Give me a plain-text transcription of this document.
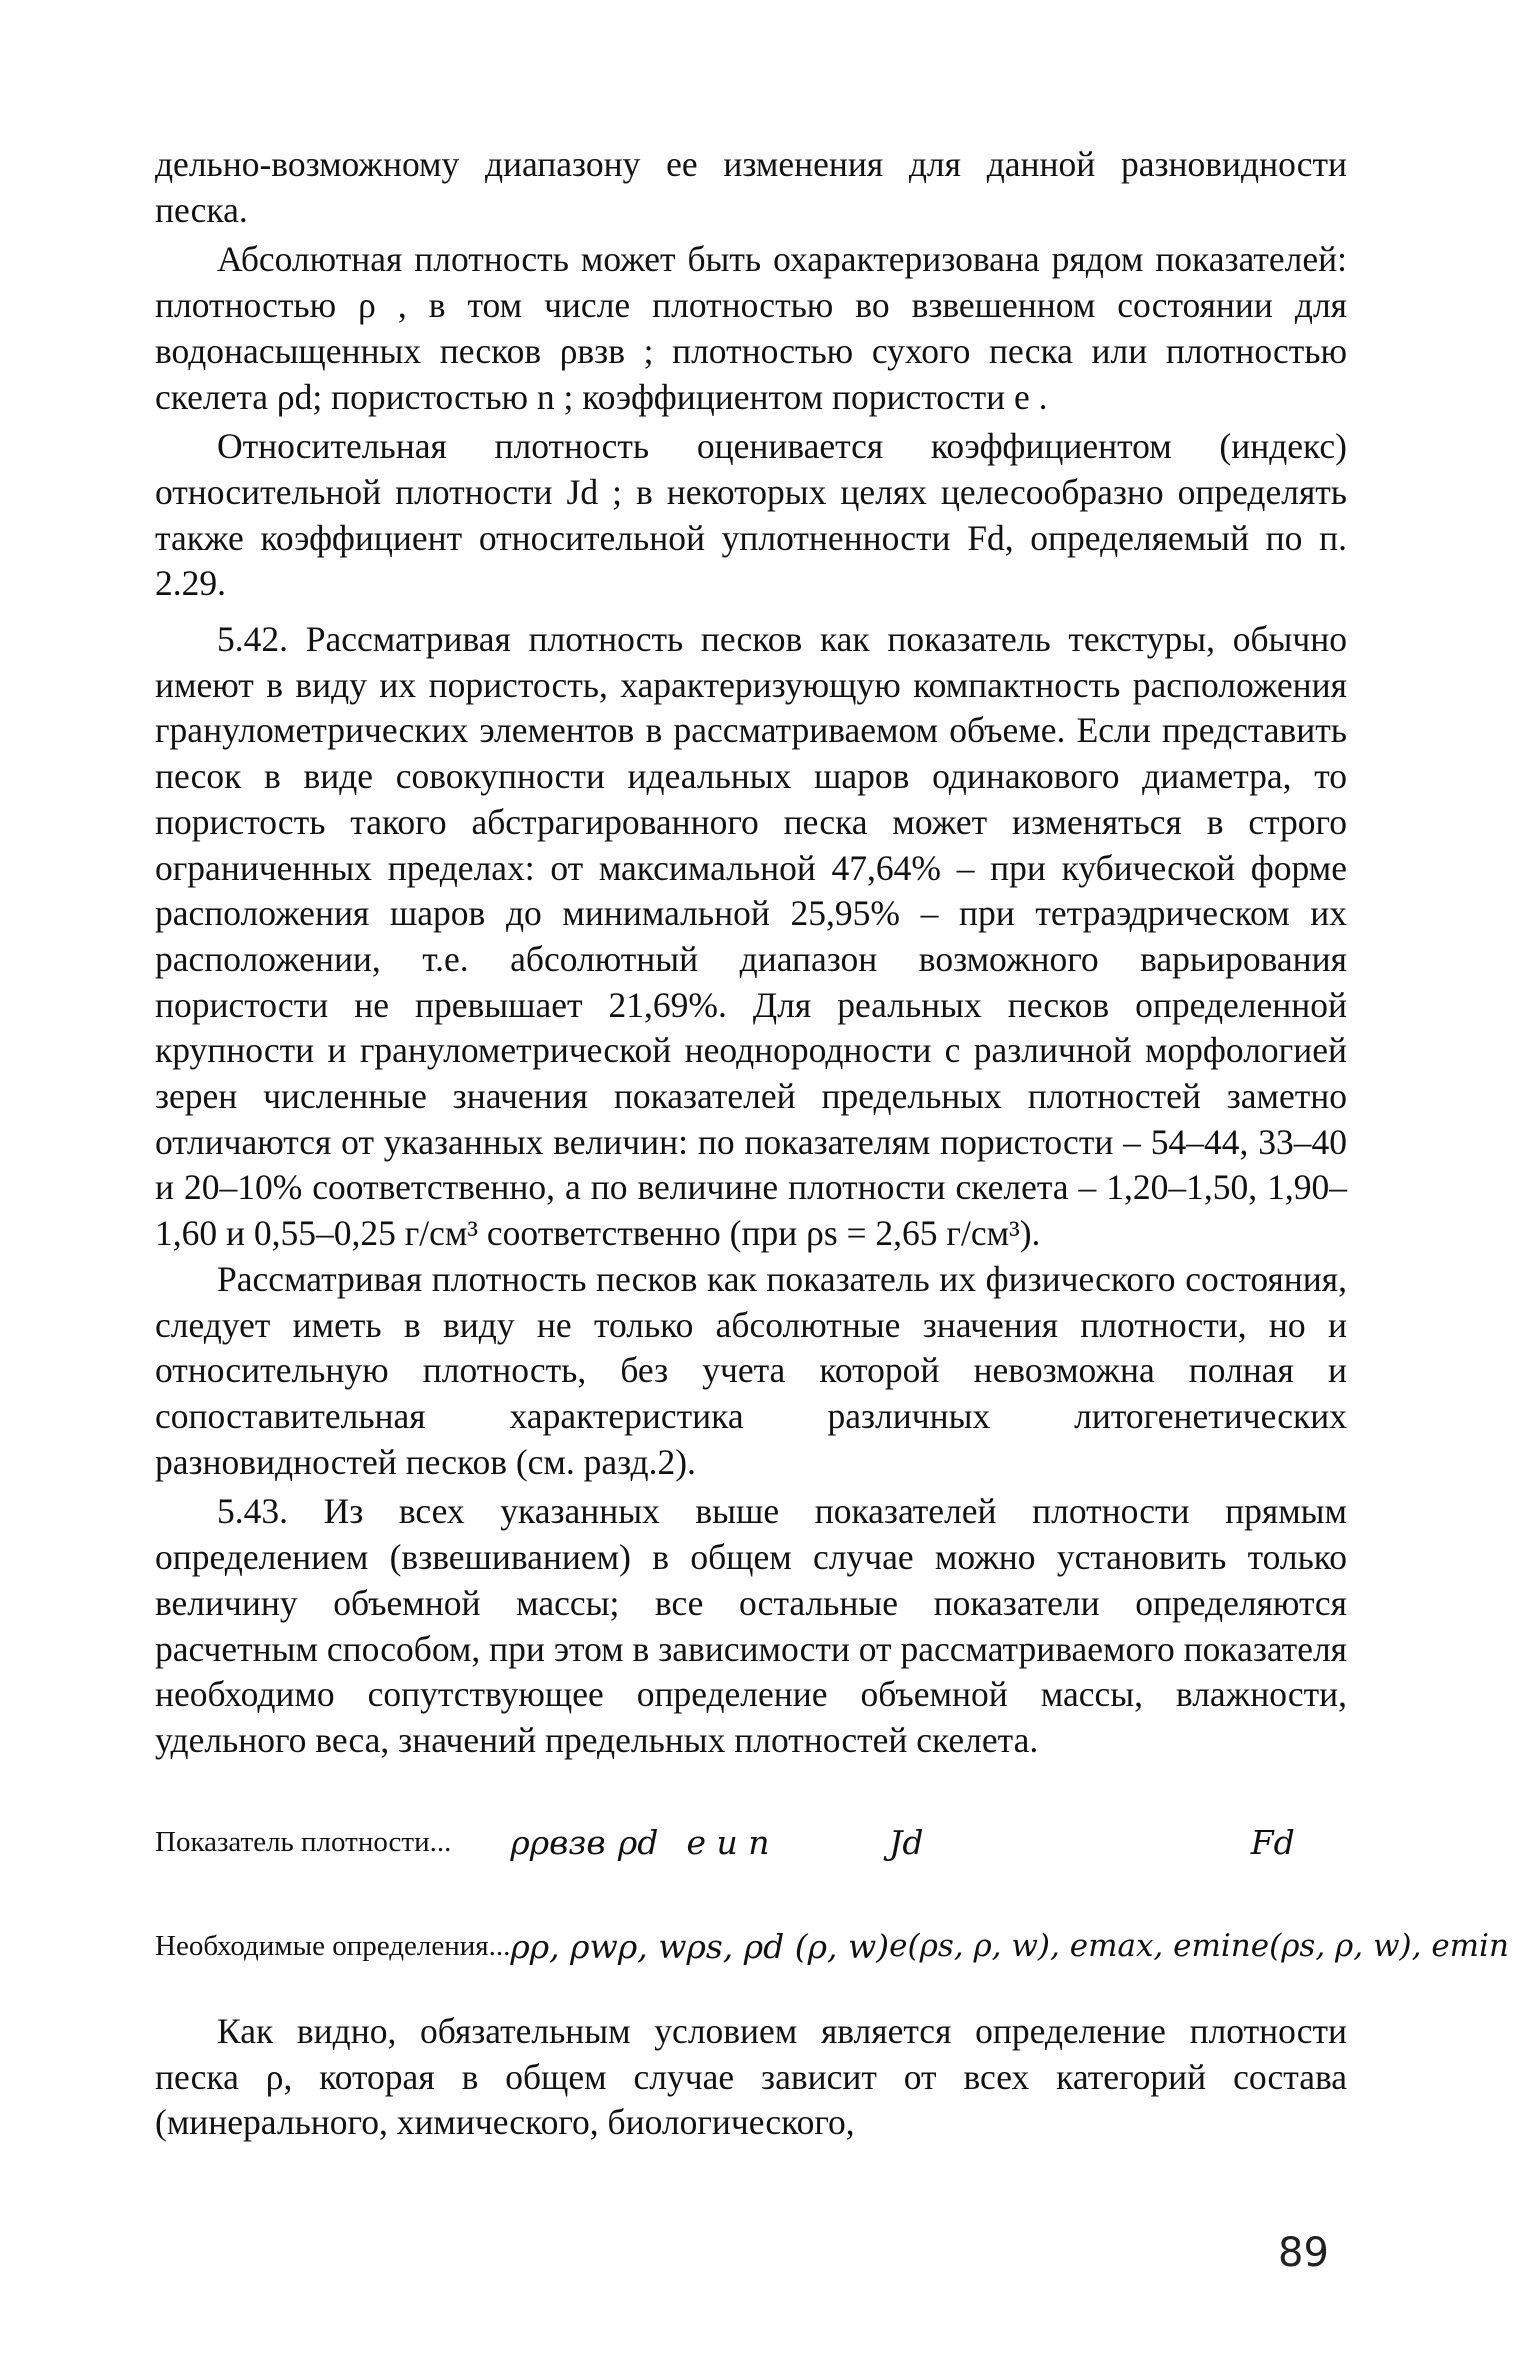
дельно-возможному диапазону ее изменения для данной разновидности песка.

Абсолютная плотность может быть охарактеризована рядом показателей: плотностью ρ , в том числе плотностью во взвешенном состоянии для водонасыщенных песков ρвзв ; плотностью сухого песка или плотностью скелета ρd; пористостью n ; коэффициентом пористости e .

Относительная плотность оценивается коэффициентом (индекс) относительной плотности Jd ; в некоторых целях целесообразно определять также коэффициент относительной уплотненности Fd, определяемый по п. 2.29.

5.42. Рассматривая плотность песков как показатель текстуры, обычно имеют в виду их пористость, характеризующую компактность расположения гранулометрических элементов в рассматриваемом объеме. Если представить песок в виде совокупности идеальных шаров одинакового диаметра, то пористость такого абстрагированного песка может изменяться в строго ограниченных пределах: от максимальной 47,64% – при кубической форме расположения шаров до минимальной 25,95% – при тетраэдрическом их расположении, т.е. абсолютный диапазон возможного варьирования пористости не превышает 21,69%. Для реальных песков определенной крупности и гранулометрической неоднородности с различной морфологией зерен численные значения показателей предельных плотностей заметно отличаются от указанных величин: по показателям пористости – 54–44, 33–40 и 20–10% соответственно, а по величине плотности скелета – 1,20–1,50, 1,90–1,60 и 0,55–0,25 г/см³ соответственно (при ρs = 2,65 г/см³).

Рассматривая плотность песков как показатель их физического состояния, следует иметь в виду не только абсолютные значения плотности, но и относительную плотность, без учета которой невозможна полная и сопоставительная характеристика различных литогенетических разновидностей песков (см. разд.2).

5.43. Из всех указанных выше показателей плотности прямым определением (взвешиванием) в общем случае можно установить только величину объемной массы; все остальные показатели определяются расчетным способом, при этом в зависимости от рассматриваемого показателя необходимо сопутствующее определение объемной массы, влажности, удельного веса, значений предельных плотностей скелета.

Показатель плотности...	ρ	ρвзв	ρd	e и n	Jd	Fd
Необходимые определения...	ρ	ρ, ρw	ρ, w	ρs, ρd (ρ, w)	e(ρs, ρ, w), emax, emin	e(ρs, ρ, w), emin

Как видно, обязательным условием является определение плотности песка ρ, которая в общем случае зависит от всех категорий состава (минерального, химического, биологического,

89
